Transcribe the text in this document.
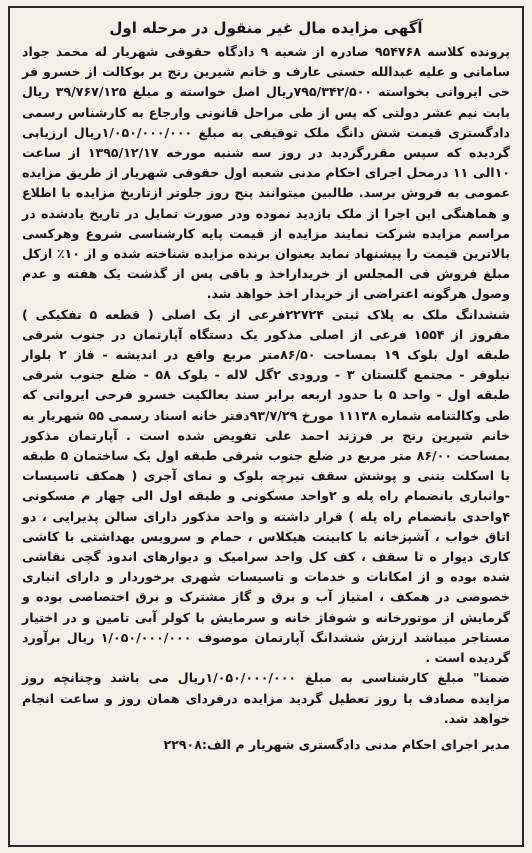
آگهی مزایده مال غیر منقول در مرحله اول

پرونده کلاسه ۹۵۴۷۶۸ صادره از شعبه ۹ دادگاه حقوقی شهریار له محمد جواد سامانی و علیه عبدالله حسنی عارف و خانم شیرین رنج بر بوکالت از خسرو فر حی ایروانی بخواسته ۷۹۵/۳۴۲/۵۰۰ریال اصل خواسته و مبلغ ۳۹/۷۶۷/۱۲۵ ریال بابت نیم عشر دولتی که پس از طی مراحل قانونی وارجاع به کارشناس رسمی دادگستری قیمت شش دانگ ملک توقیفی به مبلغ ۱/۰۵۰/۰۰۰/۰۰۰ریال ارزیابی گردیده که سپس مقررگردید در روز سه شنبه مورخه ۱۳۹۵/۱۲/۱۷ از ساعت ۱۰الی ۱۱ درمحل اجرای احکام مدنی شعبه اول حقوقی شهریار از طریق مزایده عمومی به فروش برسد. طالبین میتوانند پنج روز جلوتر ازتاریخ مزایده با اطلاع و هماهنگی این اجرا از ملک بازدید نموده ودر صورت تمایل در تاریخ یادشده در مراسم مزایده شرکت نمایند مزایده از قیمت پایه کارشناسی شروع وهرکسی بالاترین قیمت را پیشنهاد نماید بعنوان برنده مزایده شناخته شده و از ۱۰٪ ازکل مبلغ فروش فی المجلس از خریداراخذ و باقی پس از گذشت یک هفته و عدم وصول هرگونه اعتراضی از خریدار اخذ خواهد شد.

ششدانگ ملک به پلاک ثبتی ۲۲۷۲۴فرعی از یک اصلی ( قطعه ۵ تفکیکی ) مفروز از ۱۵۵۴ فرعی از اصلی مذکور یک دستگاه آپارتمان در جنوب شرقی طبقه اول بلوک ۱۹ بمساحت ۸۶/۵۰متر مربع واقع در اندیشه - فاز ۲ بلوار نیلوفر - مجتمع گلستان ۳ - ورودی ۲گل لاله - بلوک ۵۸ - ضلع جنوب شرقی طبقه اول - واحد ۵ با حدود اربعه برابر سند بعالکیت خسرو فرحی ایروانی که طی وکالتنامه شماره ۱۱۱۳۸ مورخ ۹۳/۷/۲۹دفتر خانه اسناد رسمی ۵۵ شهریار به خانم شیرین رنج بر فرزند احمد علی تفویض شده است . آپارتمان مذکور بمساحت ۸۶/۰۰ متر مربع در ضلع جنوب شرقی طبقه اول یک ساختمان ۵ طبقه با اسکلت بتنی و پوشش سقف تیرچه بلوک و نمای آجری ( همکف تاسیسات -وانباری بانضمام راه پله و ۲واحد مسکونی و طبقه اول الی چهار م مسکونی ۴واحدی بانضمام راه پله ) قرار داشته و واحد مذکور دارای سالن پذیرایی ، دو اتاق خواب ، آشپزخانه با کابینت هیکلاس ، حمام و سرویس بهداشتی با کاشی کاری دیوار ه تا سقف ، کف کل واحد سرامیک و دیوارهای اندود گچی نقاشی شده بوده و از امکانات و خدمات و تاسیسات شهری برخوردار و دارای انباری خصوصی در همکف ، امتیاز آب و برق و گاز مشترک و برق اختصاصی بوده و گرمایش از موتورخانه و شوفاژ خانه و سرمایش با کولر آبی تامین و در اختیار مستاجر میباشد ارزش ششدانگ آپارتمان موصوف ۱/۰۵۰/۰۰۰/۰۰۰ ریال برآورد گردیده است .

ضمنا" مبلغ کارشناسی به مبلغ ۱/۰۵۰/۰۰۰/۰۰۰ریال می باشد وچنانچه روز مزایده مصادف با روز تعطیل گردید مزایده درفردای همان روز و ساعت انجام خواهد شد.

مدیر اجرای احکام مدنی دادگستری شهریار م الف:۲۲۹۰۸
